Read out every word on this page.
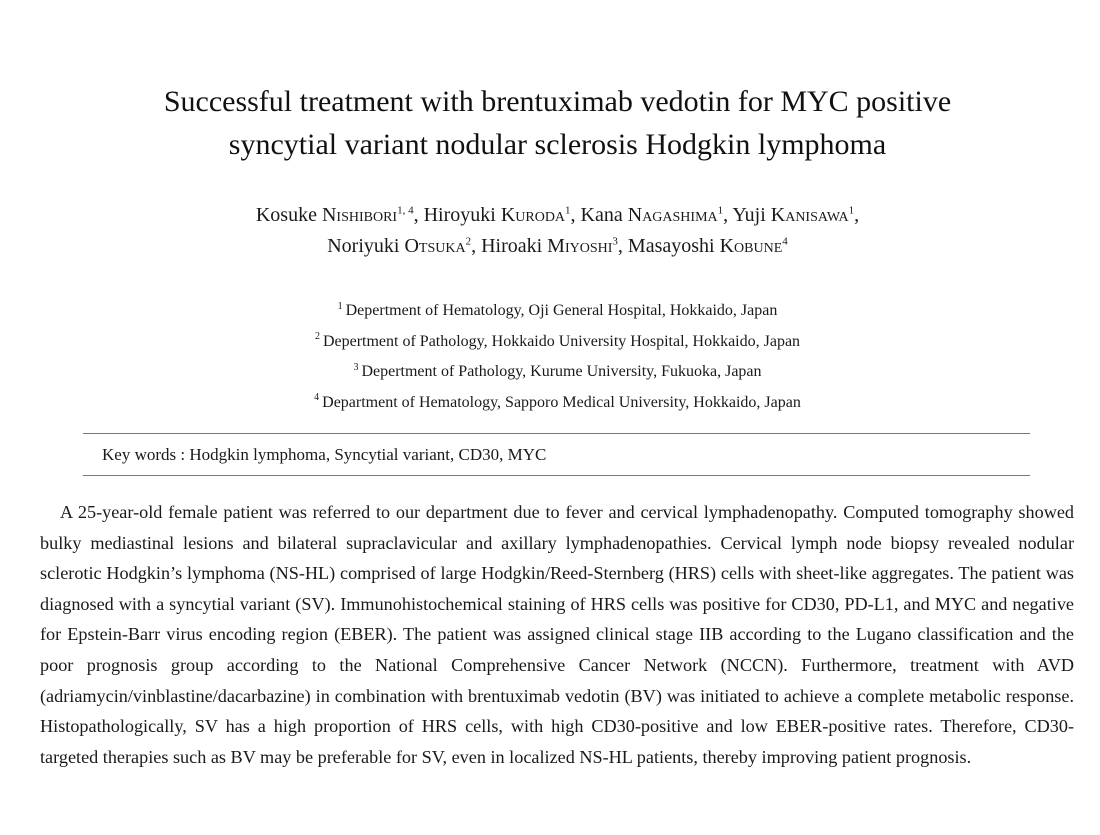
Successful treatment with brentuximab vedotin for MYC positive
syncytial variant nodular sclerosis Hodgkin lymphoma
Kosuke Nishibori$^{1, 4}$, Hiroyuki Kuroda$^1$, Kana Nagashima$^1$, Yuji Kanisawa$^1$,
Noriyuki Otsuka$^2$, Hiroaki Miyoshi$^3$, Masayoshi Kobune$^4$
$^1$ Depertment of Hematology, Oji General Hospital, Hokkaido, Japan
$^2$ Depertment of Pathology, Hokkaido University Hospital, Hokkaido, Japan
$^3$ Depertment of Pathology, Kurume University, Fukuoka, Japan
$^4$ Department of Hematology, Sapporo Medical University, Hokkaido, Japan
Key words : Hodgkin lymphoma, Syncytial variant, CD30, MYC

A 25-year-old female patient was referred to our department due to fever and cervical lymphadenopathy. Computed tomography showed bulky mediastinal lesions and bilateral supraclavicular and axillary lymphadenopathies. Cervical lymph node biopsy revealed nodular sclerotic Hodgkin’s lymphoma (NS-HL) comprised of large Hodgkin/Reed-Sternberg (HRS) cells with sheet-like aggregates. The patient was diagnosed with a syncytial variant (SV). Immunohistochemical staining of HRS cells was positive for CD30, PD-L1, and MYC and negative for Epstein-Barr virus encoding region (EBER). The patient was assigned clinical stage IIB according to the Lugano classification and the poor prognosis group according to the National Comprehensive Cancer Network (NCCN). Furthermore, treatment with AVD (adriamycin/vinblastine/dacarbazine) in combination with brentuximab vedotin (BV) was initiated to achieve a complete metabolic response. Histopathologically, SV has a high proportion of HRS cells, with high CD30-positive and low EBER-positive rates. Therefore, CD30-targeted therapies such as BV may be preferable for SV, even in localized NS-HL patients, thereby improving patient prognosis.
